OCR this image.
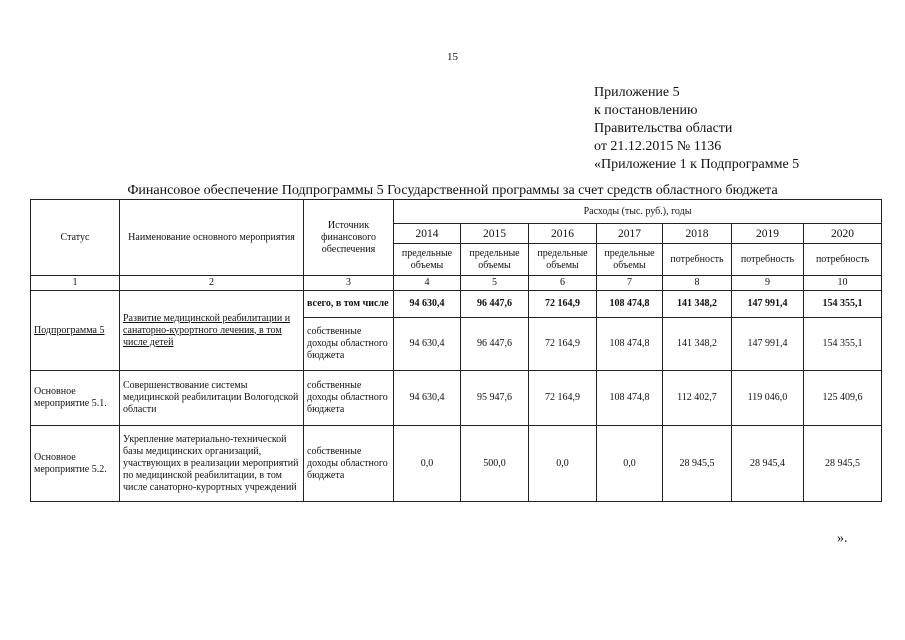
15
Приложение 5
к постановлению
Правительства области
от 21.12.2015 № 1136
«Приложение 1 к Подпрограмме 5
Финансовое обеспечение Подпрограммы 5 Государственной программы за счет средств областного бюджета
Статус	Наименование основного мероприятия	Источник финансового обеспечения	Расходы (тыс. руб.), годы						
			2014	2015	2016	2017	2018	2019	2020
			предельные объемы	предельные объемы	предельные объемы	предельные объемы	потребность	потребность	потребность
1	2	3	4	5	6	7	8	9	10
Подпрограмма 5	Развитие медицинской реабилитации и санаторно-курортного лечения, в том числе детей	всего, в том числе	94 630,4	96 447,6	72 164,9	108 474,8	141 348,2	147 991,4	154 355,1
		собственные доходы областного бюджета	94 630,4	96 447,6	72 164,9	108 474,8	141 348,2	147 991,4	154 355,1
Основное мероприятие 5.1.	Совершенствование системы медицинской реабилитации Вологодской области	собственные доходы областного бюджета	94 630,4	95 947,6	72 164,9	108 474,8	112 402,7	119 046,0	125 409,6
Основное мероприятие 5.2.	Укрепление материально-технической базы медицинских организаций, участвующих в реализации мероприятий по медицинской реабилитации, в том числе санаторно-курортных учреждений	собственные доходы областного бюджета	0,0	500,0	0,0	0,0	28 945,5	28 945,4	28 945,5
».
